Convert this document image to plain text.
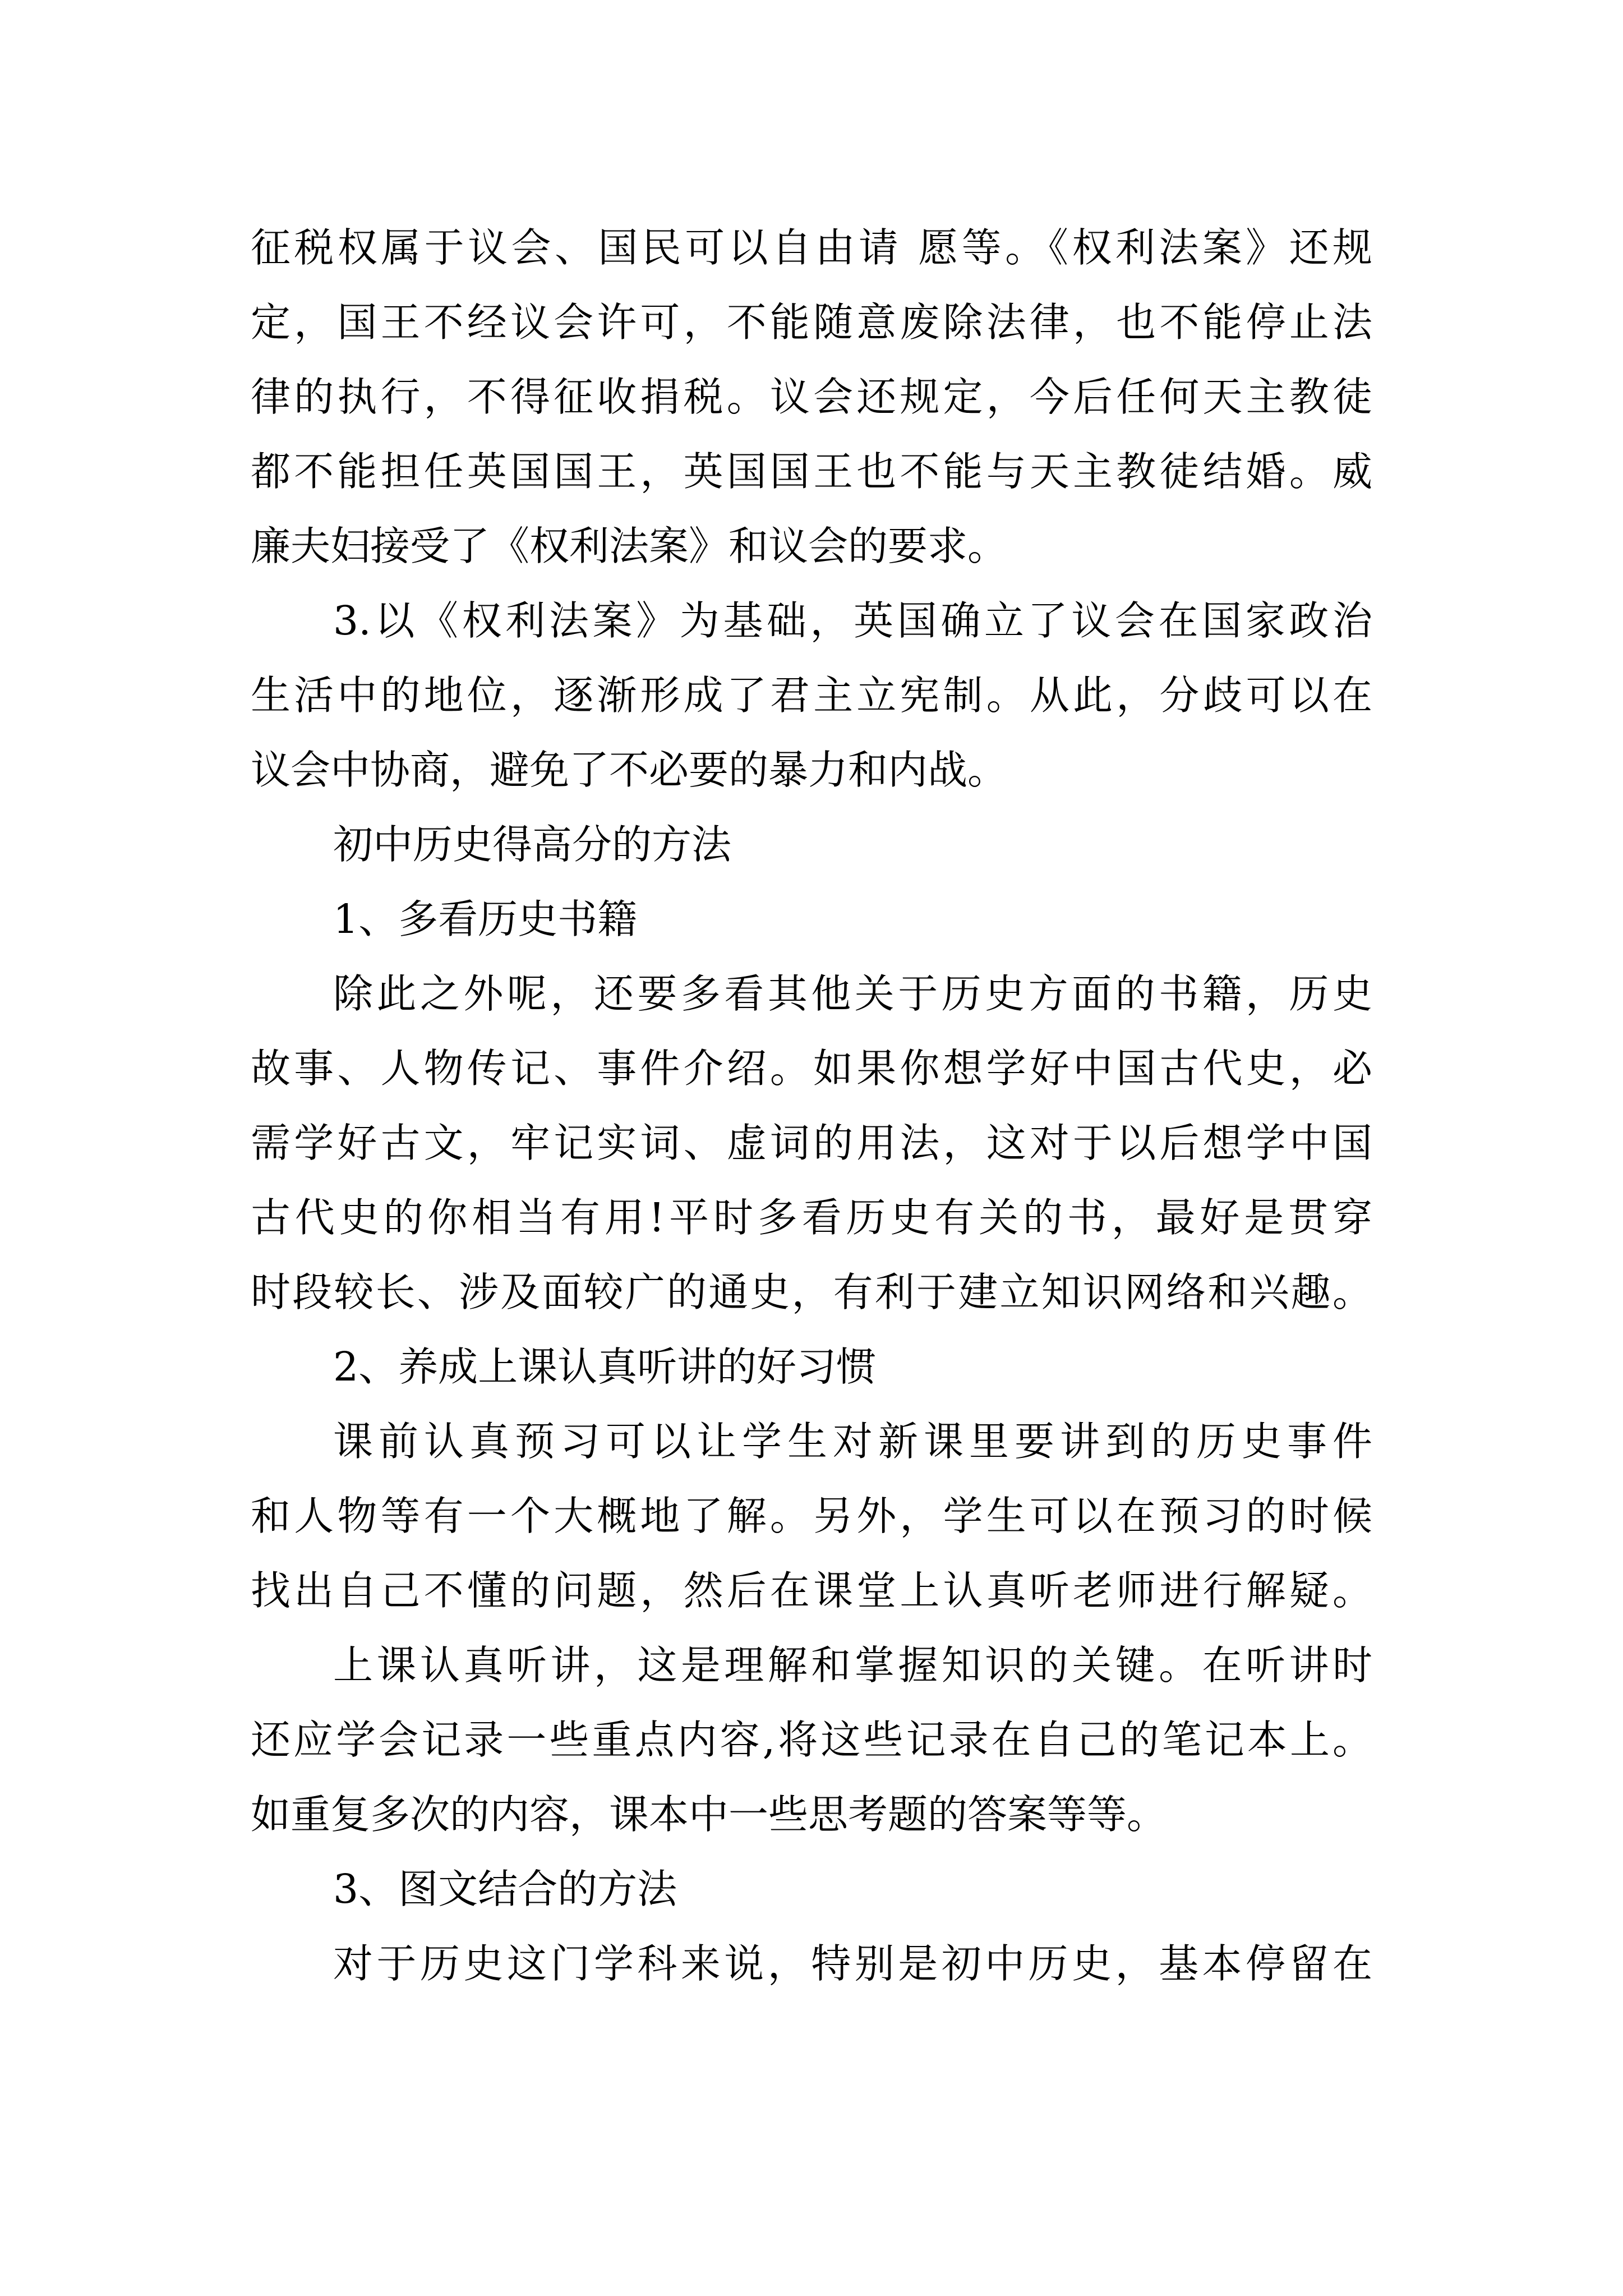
征税权属于议会、国民可以自由请 愿等。《权利法案》还规
定，国王不经议会许可，不能随意废除法律，也不能停止法
律的执行，不得征收捐税。议会还规定，今后任何天主教徒
都不能担任英国国王，英国国王也不能与天主教徒结婚。威
廉夫妇接受了《权利法案》和议会的要求。
3.以《权利法案》为基础，英国确立了议会在国家政治
生活中的地位，逐渐形成了君主立宪制。从此，分歧可以在
议会中协商，避免了不必要的暴力和内战。
初中历史得高分的方法
1、多看历史书籍
除此之外呢，还要多看其他关于历史方面的书籍，历史
故事、人物传记、事件介绍。如果你想学好中国古代史，必
需学好古文，牢记实词、虚词的用法，这对于以后想学中国
古代史的你相当有用!平时多看历史有关的书，最好是贯穿
时段较长、涉及面较广的通史，有利于建立知识网络和兴趣。
2、养成上课认真听讲的好习惯
课前认真预习可以让学生对新课里要讲到的历史事件
和人物等有一个大概地了解。另外，学生可以在预习的时候
找出自己不懂的问题，然后在课堂上认真听老师进行解疑。
上课认真听讲，这是理解和掌握知识的关键。在听讲时
还应学会记录一些重点内容,将这些记录在自己的笔记本上。
如重复多次的内容，课本中一些思考题的答案等等。
3、图文结合的方法
对于历史这门学科来说，特别是初中历史，基本停留在
